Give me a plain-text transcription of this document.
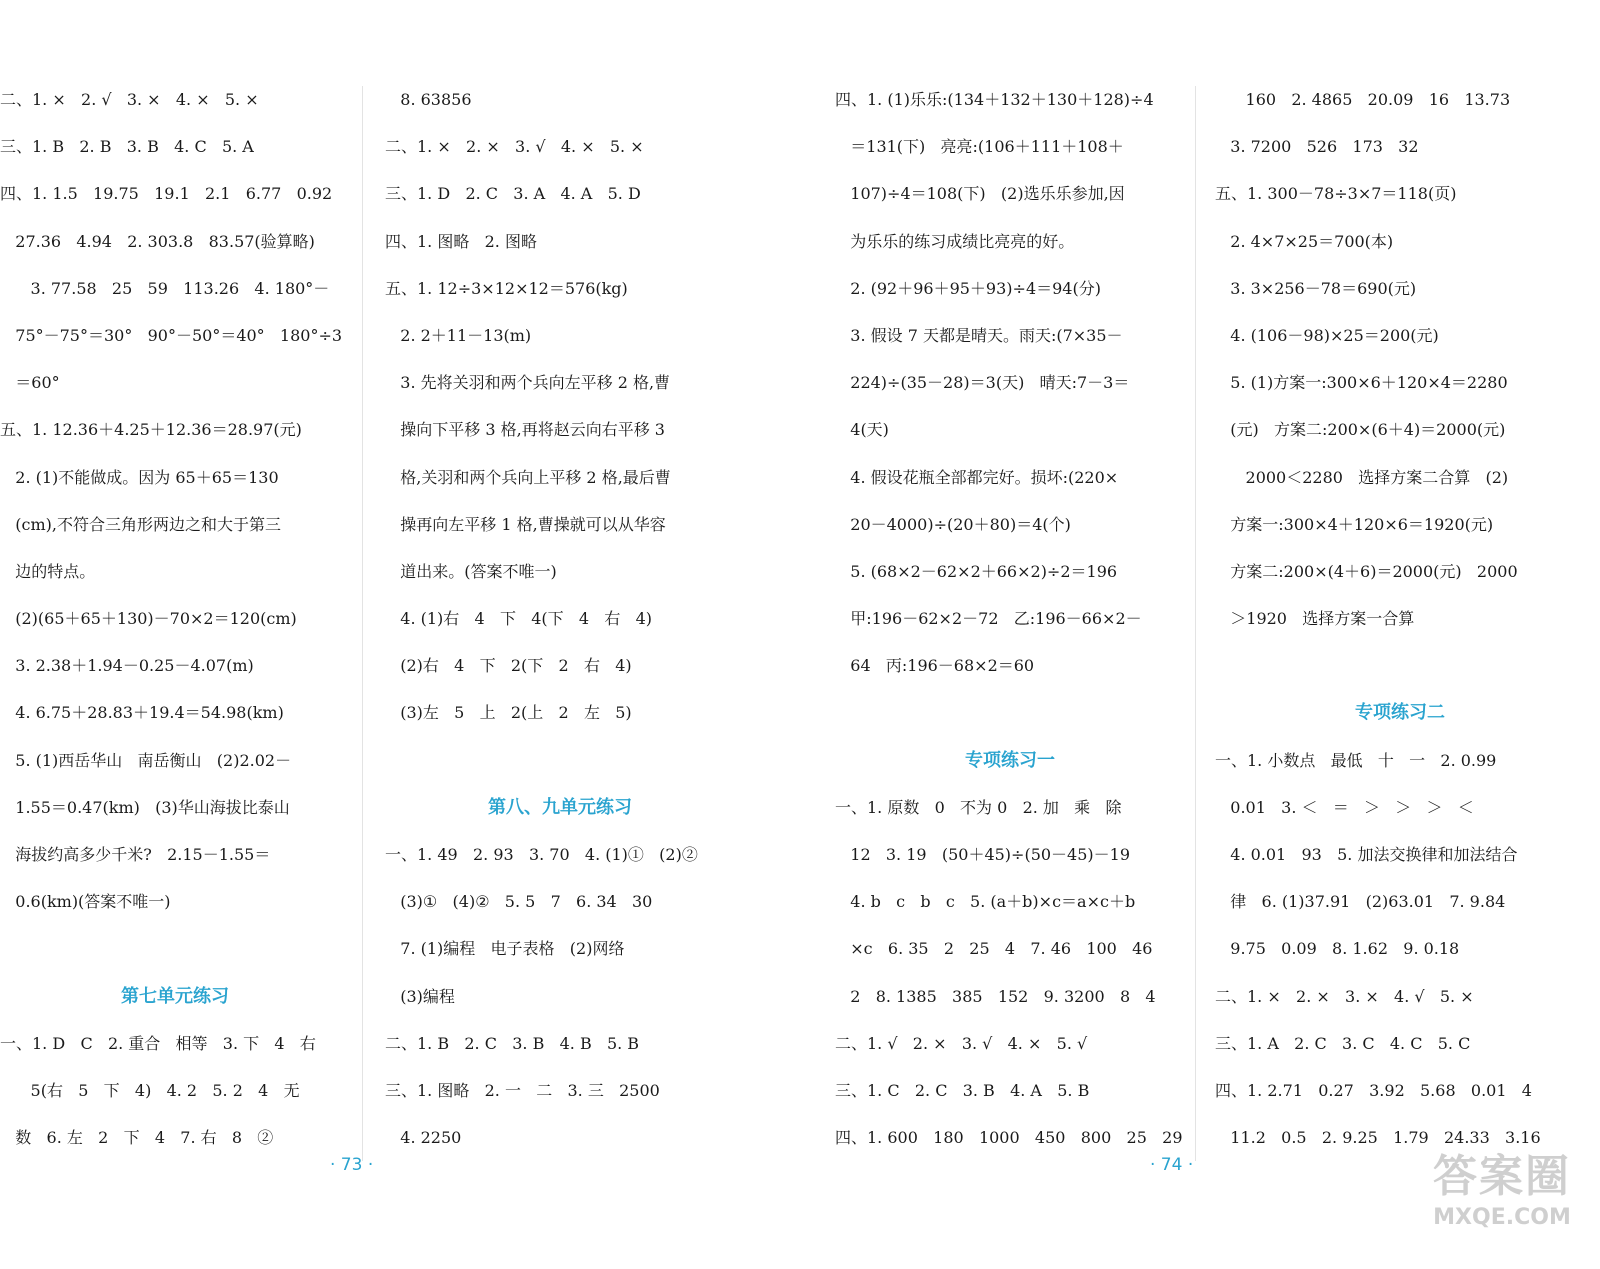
二、1. ×   2. √   3. ×   4. ×   5. ×
三、1. B   2. B   3. B   4. C   5. A
四、1. 1.5   19.75   19.1   2.1   6.77   0.92
27.36   4.94   2. 303.8   83.57(验算略)
3. 77.58   25   59   113.26   4. 180°－
75°－75°＝30°   90°－50°＝40°   180°÷3
＝60°
五、1. 12.36＋4.25＋12.36＝28.97(元)
2. (1)不能做成。因为 65＋65＝130
(cm),不符合三角形两边之和大于第三
边的特点。
(2)(65＋65＋130)－70×2＝120(cm)
3. 2.38＋1.94－0.25－4.07(m)
4. 6.75＋28.83＋19.4＝54.98(km)
5. (1)西岳华山   南岳衡山   (2)2.02－
1.55＝0.47(km)   (3)华山海拔比泰山
海拔约高多少千米?   2.15－1.55＝
0.6(km)(答案不唯一)
第七单元练习
一、1. D   C   2. 重合   相等   3. 下   4   右
5(右   5   下   4)   4. 2   5. 2   4   无
数   6. 左   2   下   4   7. 右   8   ②
8. 63856
二、1. ×   2. ×   3. √   4. ×   5. ×
三、1. D   2. C   3. A   4. A   5. D
四、1. 图略   2. 图略
五、1. 12÷3×12×12＝576(kg)
2. 2＋11－13(m)
3. 先将关羽和两个兵向左平移 2 格,曹
操向下平移 3 格,再将赵云向右平移 3
格,关羽和两个兵向上平移 2 格,最后曹
操再向左平移 1 格,曹操就可以从华容
道出来。(答案不唯一)
4. (1)右   4   下   4(下   4   右   4)
(2)右   4   下   2(下   2   右   4)
(3)左   5   上   2(上   2   左   5)
第八、九单元练习
一、1. 49   2. 93   3. 70   4. (1)①   (2)②
(3)①   (4)②   5. 5   7   6. 34   30
7. (1)编程   电子表格   (2)网络
(3)编程
二、1. B   2. C   3. B   4. B   5. B
三、1. 图略   2. 一   二   3. 三   2500
4. 2250
· 73 ·
四、1. (1)乐乐:(134＋132＋130＋128)÷4
＝131(下)   亮亮:(106＋111＋108＋
107)÷4＝108(下)   (2)选乐乐参加,因
为乐乐的练习成绩比亮亮的好。
2. (92＋96＋95＋93)÷4＝94(分)
3. 假设 7 天都是晴天。雨天:(7×35－
224)÷(35－28)＝3(天)   晴天:7－3＝
4(天)
4. 假设花瓶全部都完好。损坏:(220×
20－4000)÷(20＋80)＝4(个)
5. (68×2－62×2＋66×2)÷2＝196
甲:196－62×2－72   乙:196－66×2－
64   丙:196－68×2＝60
专项练习一
一、1. 原数   0   不为 0   2. 加   乘   除
12   3. 19   (50＋45)÷(50－45)－19
4. b   c   b   c   5. (a＋b)×c＝a×c＋b
×c   6. 35   2   25   4   7. 46   100   46
2   8. 1385   385   152   9. 3200   8   4
二、1. √   2. ×   3. √   4. ×   5. √
三、1. C   2. C   3. B   4. A   5. B
四、1. 600   180   1000   450   800   25   29
160   2. 4865   20.09   16   13.73
3. 7200   526   173   32
五、1. 300－78÷3×7＝118(页)
2. 4×7×25＝700(本)
3. 3×256－78＝690(元)
4. (106－98)×25＝200(元)
5. (1)方案一:300×6＋120×4＝2280
(元)   方案二:200×(6＋4)＝2000(元)
2000＜2280   选择方案二合算   (2)
方案一:300×4＋120×6＝1920(元)
方案二:200×(4＋6)＝2000(元)   2000
＞1920   选择方案一合算
专项练习二
一、1. 小数点   最低   十   一   2. 0.99
0.01   3. ＜   ＝   ＞   ＞   ＞   ＜
4. 0.01   93   5. 加法交换律和加法结合
律   6. (1)37.91   (2)63.01   7. 9.84
9.75   0.09   8. 1.62   9. 0.18
二、1. ×   2. ×   3. ×   4. √   5. ×
三、1. A   2. C   3. C   4. C   5. C
四、1. 2.71   0.27   3.92   5.68   0.01   4
11.2   0.5   2. 9.25   1.79   24.33   3.16
· 74 ·	答案圈
MXQE.COM
